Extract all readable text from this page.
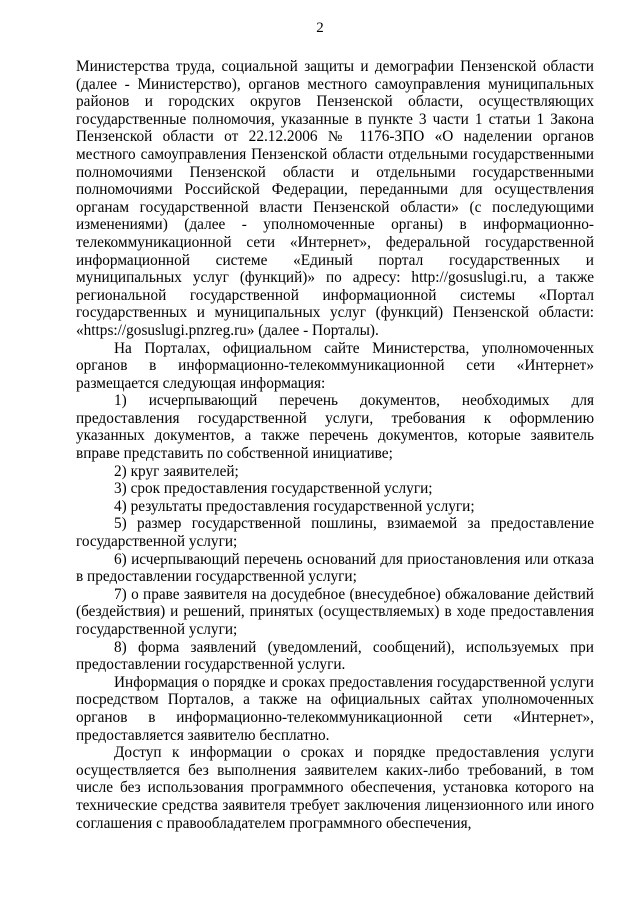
2

Министерства труда, социальной защиты и демографии Пензенской области (далее - Министерство), органов местного самоуправления муниципальных районов и городских округов Пензенской области, осуществляющих государственные полномочия, указанные в пункте 3 части 1 статьи 1 Закона Пензенской области от 22.12.2006 № 1176-ЗПО «О наделении органов местного самоуправления Пензенской области отдельными государственными полномочиями Пензенской области и отдельными государственными полномочиями Российской Федерации, переданными для осуществления органам государственной власти Пензенской области» (с последующими изменениями) (далее - уполномоченные органы) в информационно-телекоммуникационной сети «Интернет», федеральной государственной информационной системе «Единый портал государственных и муниципальных услуг (функций)» по адресу: http://gosuslugi.ru, а также региональной государственной информационной системы «Портал государственных и муниципальных услуг (функций) Пензенской области: «https://gosuslugi.pnzreg.ru» (далее - Порталы).

На Порталах, официальном сайте Министерства, уполномоченных органов в информационно-телекоммуникационной сети «Интернет» размещается следующая информация:

1) исчерпывающий перечень документов, необходимых для предоставления государственной услуги, требования к оформлению указанных документов, а также перечень документов, которые заявитель вправе представить по собственной инициативе;

2) круг заявителей;

3) срок предоставления государственной услуги;

4) результаты предоставления государственной услуги;

5) размер государственной пошлины, взимаемой за предоставление государственной услуги;

6) исчерпывающий перечень оснований для приостановления или отказа в предоставлении государственной услуги;

7) о праве заявителя на досудебное (внесудебное) обжалование действий (бездействия) и решений, принятых (осуществляемых) в ходе предоставления государственной услуги;

8) форма заявлений (уведомлений, сообщений), используемых при предоставлении государственной услуги.

Информация о порядке и сроках предоставления государственной услуги посредством Порталов, а также на официальных сайтах уполномоченных органов в информационно-телекоммуникационной сети «Интернет», предоставляется заявителю бесплатно.

Доступ к информации о сроках и порядке предоставления услуги осуществляется без выполнения заявителем каких-либо требований, в том числе без использования программного обеспечения, установка которого на технические средства заявителя требует заключения лицензионного или иного соглашения с правообладателем программного обеспечения,
